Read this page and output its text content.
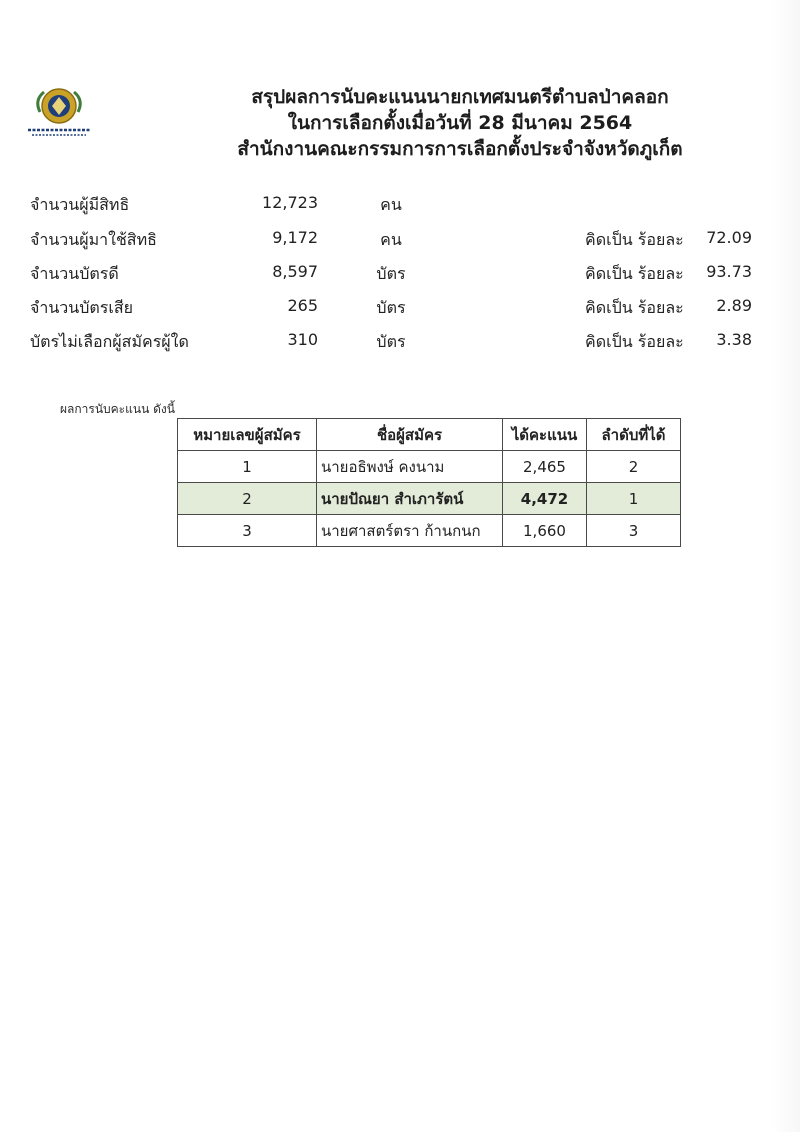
สรุปผลการนับคะแนนนายกเทศมนตรีตำบลป่าคลอก
ในการเลือกตั้งเมื่อวันที่ 28 มีนาคม 2564
สำนักงานคณะกรรมการการเลือกตั้งประจำจังหวัดภูเก็ต
จำนวนผู้มีสิทธิ	12,723	คน
จำนวนผู้มาใช้สิทธิ	9,172	คน	คิดเป็น ร้อยละ 72.09
จำนวนบัตรดี	8,597	บัตร	คิดเป็น ร้อยละ 93.73
จำนวนบัตรเสีย	265	บัตร	คิดเป็น ร้อยละ 2.89
บัตรไม่เลือกผู้สมัครผู้ใด	310	บัตร	คิดเป็น ร้อยละ 3.38
ผลการนับคะแนน ดังนี้
หมายเลขผู้สมัคร	ชื่อผู้สมัคร	ได้คะแนน	ลำดับที่ได้
1	นายอธิพงษ์ คงนาม	2,465	2
2	นายปัณยา สำเภารัตน์	4,472	1
3	นายศาสตร์ตรา ก้านกนก	1,660	3
